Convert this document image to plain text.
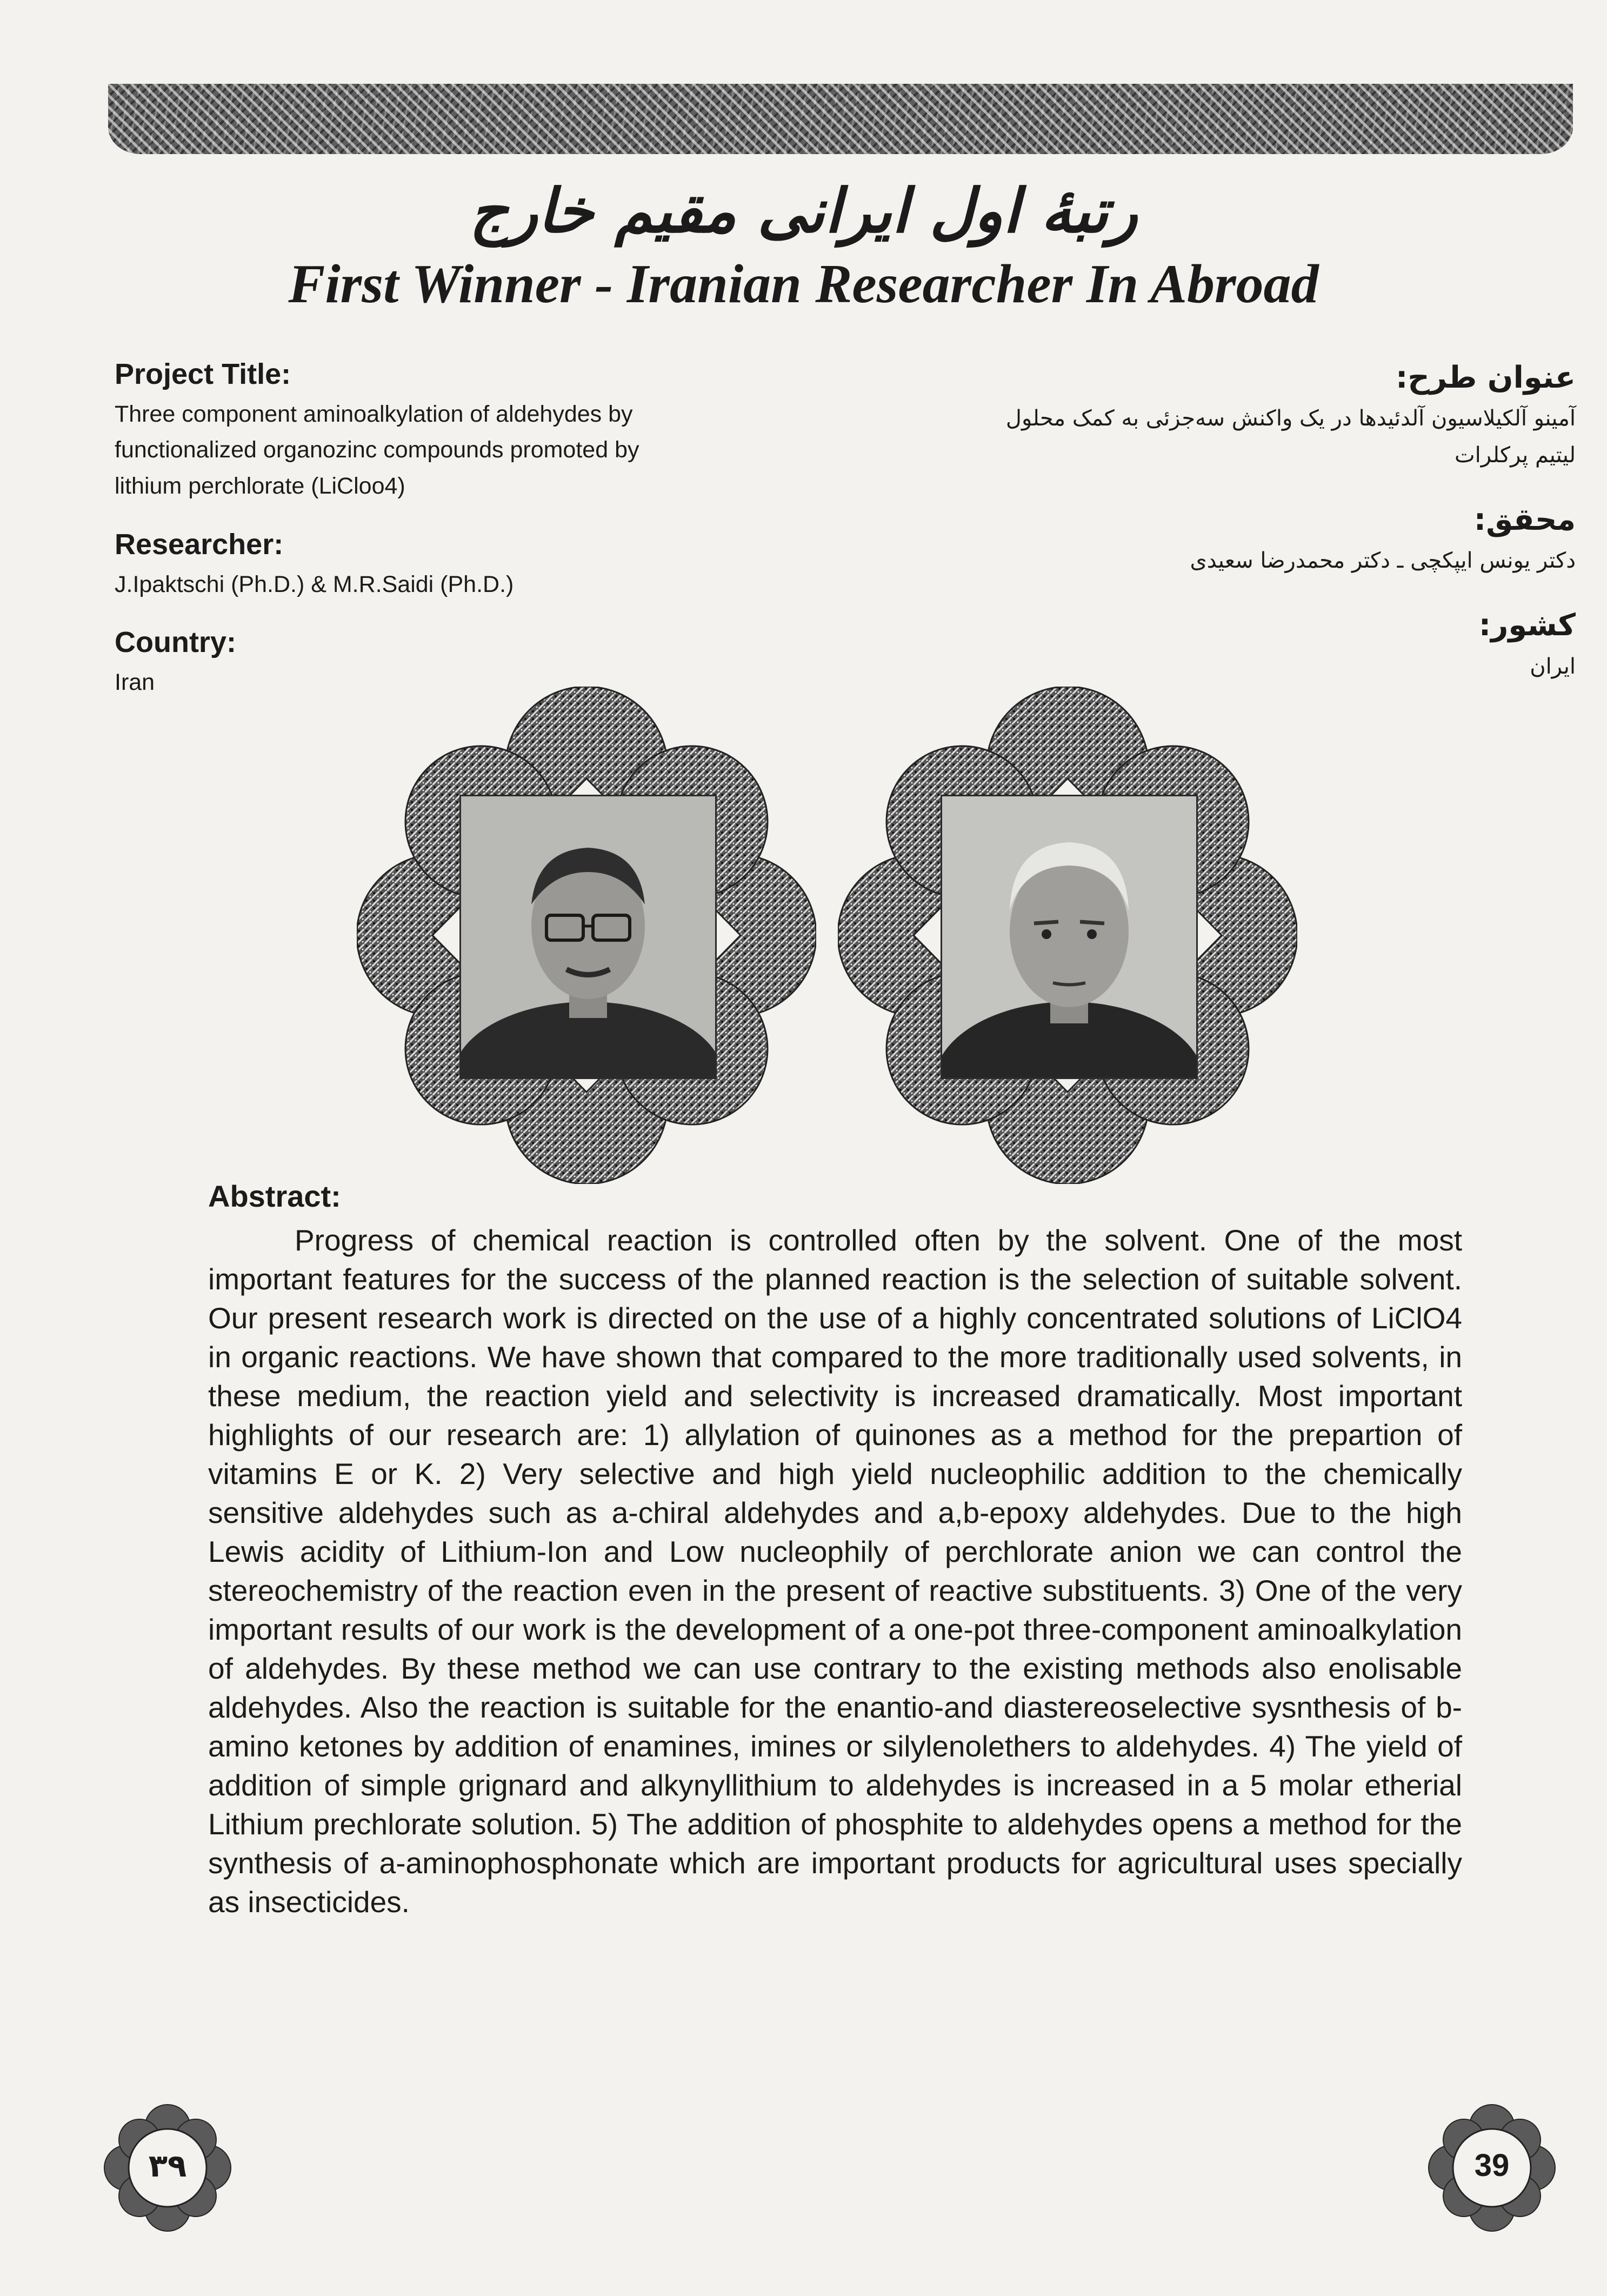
رتبهٔ اول ایرانی مقیم خارج
First Winner - Iranian Researcher In Abroad

Project Title:

Three component aminoalkylation of aldehydes by
functionalized organozinc compounds promoted by
lithium perchlorate (LiCloo4)

Researcher:

J.Ipaktschi (Ph.D.) & M.R.Saidi (Ph.D.)

Country:

Iran

عنوان طرح:

آمینو آلکیلاسیون آلدئیدها در یک واکنش سه‌جزئی به کمک محلول
لیتیم پرکلرات

محقق:

دکتر یونس ایپکچی ـ دکتر محمدرضا سعیدی

کشور:

ایران

Abstract:

Progress of chemical reaction is controlled often by the solvent. One of the most important features for the success of the planned reaction is the selection of suitable solvent. Our present research work is directed on the use of a highly concentrated solutions of LiClO4 in organic reactions. We have shown that compared to the more traditionally used solvents, in these medium, the reaction yield and selectivity is increased dramatically. Most important highlights of our research are: 1) allylation of quinones as a method for the prepartion of vitamins E or K. 2) Very selective and high yield nucleophilic addition to the chemically sensitive aldehydes such as a-chiral aldehydes and a,b-epoxy aldehydes. Due to the high Lewis acidity of Lithium-Ion and Low nucleophily of perchlorate anion we can control the stereochemistry of the reaction even in the present of reactive substituents. 3) One of the very important results of our work is the development of a one-pot three-component aminoalkylation of aldehydes. By these method we can use contrary to the existing methods also enolisable aldehydes. Also the reaction is suitable for the enantio-and diastereoselective sysnthesis of b-amino ketones by addition of enamines, imines or silylenolethers to aldehydes. 4) The yield of addition of simple grignard and alkynyllithium to aldehydes is increased in a 5 molar etherial Lithium prechlorate solution. 5) The addition of phosphite to aldehydes opens a method for the synthesis of a-aminophosphonate which are important products for agricultural uses specially as insecticides.

۳۹	39
